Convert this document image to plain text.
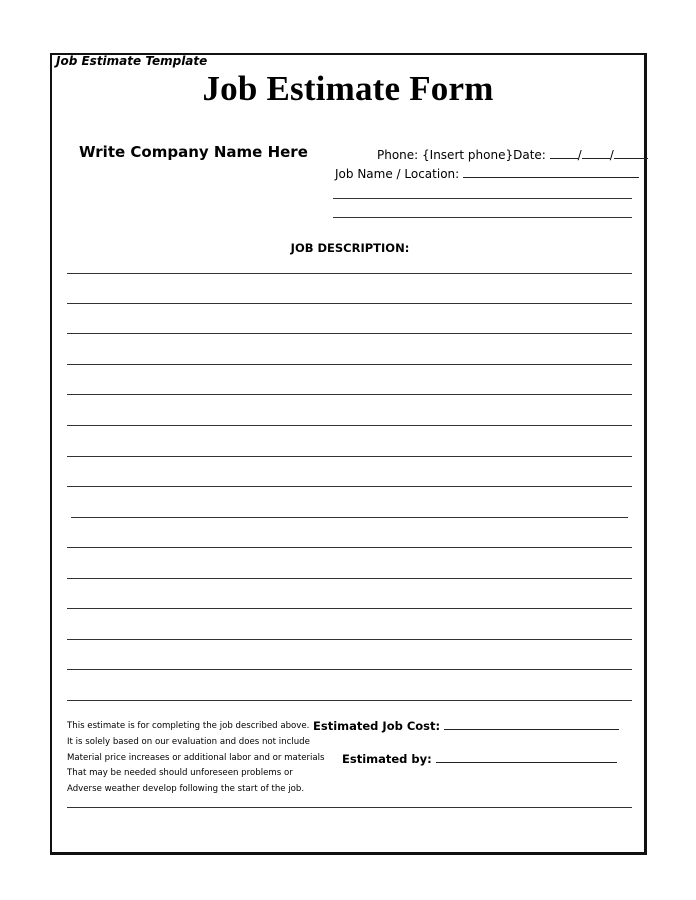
Job Estimate Template
Job Estimate Form
Write Company Name Here	Phone: {Insert phone}Date:	/ /
Job Name / Location:
JOB DESCRIPTION:
This estimate is for completing the job described above.
It is solely based on our evaluation and does not include
Material price increases or additional labor and or materials
That may be needed should unforeseen problems or
Adverse weather develop following the start of the job.
Estimated Job Cost:
Estimated by:
